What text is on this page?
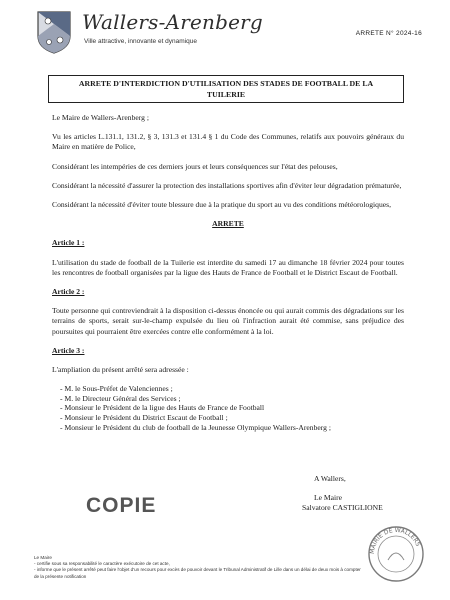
Wallers-Arenberg
Ville attractive, innovante et dynamique
ARRETE N° 2024-16
ARRETE D'INTERDICTION D'UTILISATION DES STADES DE FOOTBALL DE LA
TUILERIE

Le Maire de Wallers-Arenberg ;

Vu les articles L.131.1, 131.2, § 3, 131.3 et 131.4 § 1 du Code des Communes, relatifs aux pouvoirs généraux du Maire en matière de Police,

Considérant les intempéries de ces derniers jours et leurs conséquences sur l'état des pelouses,

Considérant la nécessité d'assurer la protection des installations sportives afin d'éviter leur dégradation prématurée,

Considérant la nécessité d'éviter toute blessure due à la pratique du sport au vu des conditions météorologiques,

ARRETE

Article 1 :

L'utilisation du stade de football de la Tuilerie est interdite du samedi 17 au dimanche 18 février 2024 pour toutes les rencontres de football organisées par la ligue des Hauts de France de Football et le District Escaut de Football.

Article 2 :

Toute personne qui contreviendrait à la disposition ci-dessus énoncée ou qui aurait commis des dégradations sur les terrains de sports, serait sur-le-champ expulsée du lieu où l'infraction aurait été commise, sans préjudice des poursuites qui pourraient être exercées contre elle conformément à la loi.

Article 3 :

L'ampliation du présent arrêté sera adressée :

- M. le Sous-Préfet de Valenciennes ;
- M. le Directeur Général des Services ;
- Monsieur le Président de la ligue des Hauts de France de Football
- Monsieur le Président du District Escaut de Football ;
- Monsieur le Président du club de football de la Jeunesse Olympique Wallers-Arenberg ;
A Wallers,
Le Maire
Salvatore CASTIGLIONE
COPIE
MAIRIE DE WALLERS
Le Maire
- certifie sous sa responsabilité le caractère exécutoire de cet acte,
- informe que le présent arrêté peut faire l'objet d'un recours pour excès de pouvoir devant le Tribunal Administratif de Lille dans un délai de deux mois à compter
de la présente notification
